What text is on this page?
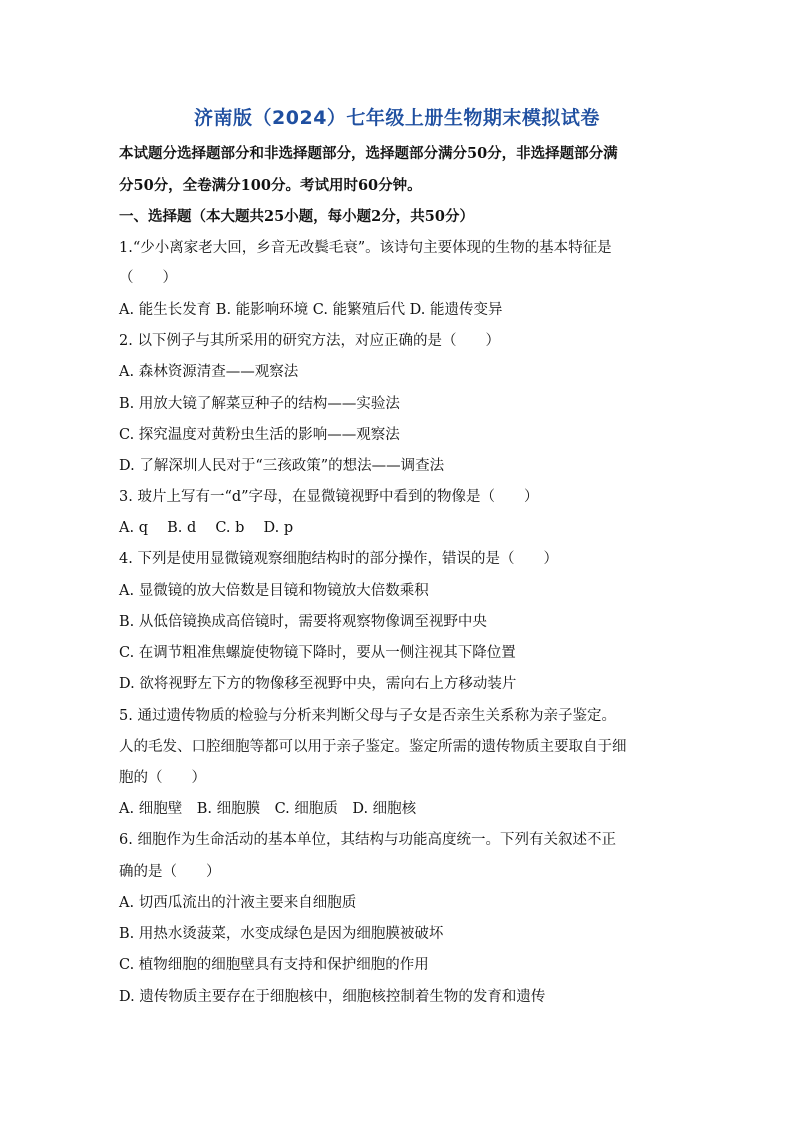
济南版（2024）七年级上册生物期末模拟试卷

本试题分选择题部分和非选择题部分，选择题部分满分50分，非选择题部分满

分50分，全卷满分100分。考试用时60分钟。

一、选择题（本大题共25小题，每小题2分，共50分）

1.“少小离家老大回，乡音无改鬓毛衰”。该诗句主要体现的生物的基本特征是

（　　）

A. 能生长发育 B. 能影响环境 C. 能繁殖后代 D. 能遗传变异

2. 以下例子与其所采用的研究方法，对应正确的是（　　）

A. 森林资源清查——观察法

B. 用放大镜了解菜豆种子的结构——实验法

C. 探究温度对黄粉虫生活的影响——观察法

D. 了解深圳人民对于“三孩政策”的想法——调查法

3. 玻片上写有一“d”字母，在显微镜视野中看到的物像是（　　）

A. q　 B. d　 C. b　 D. p

4. 下列是使用显微镜观察细胞结构时的部分操作，错误的是（　　）

A. 显微镜的放大倍数是目镜和物镜放大倍数乘积

B. 从低倍镜换成高倍镜时，需要将观察物像调至视野中央

C. 在调节粗准焦螺旋使物镜下降时，要从一侧注视其下降位置

D. 欲将视野左下方的物像移至视野中央，需向右上方移动装片

5. 通过遗传物质的检验与分析来判断父母与子女是否亲生关系称为亲子鉴定。

人的毛发、口腔细胞等都可以用于亲子鉴定。鉴定所需的遗传物质主要取自于细

胞的（　　）

A. 细胞壁　B. 细胞膜　C. 细胞质　D. 细胞核

6. 细胞作为生命活动的基本单位，其结构与功能高度统一。下列有关叙述不正

确的是（　　）

A. 切西瓜流出的汁液主要来自细胞质

B. 用热水烫菠菜，水变成绿色是因为细胞膜被破坏

C. 植物细胞的细胞壁具有支持和保护细胞的作用

D. 遗传物质主要存在于细胞核中，细胞核控制着生物的发育和遗传
